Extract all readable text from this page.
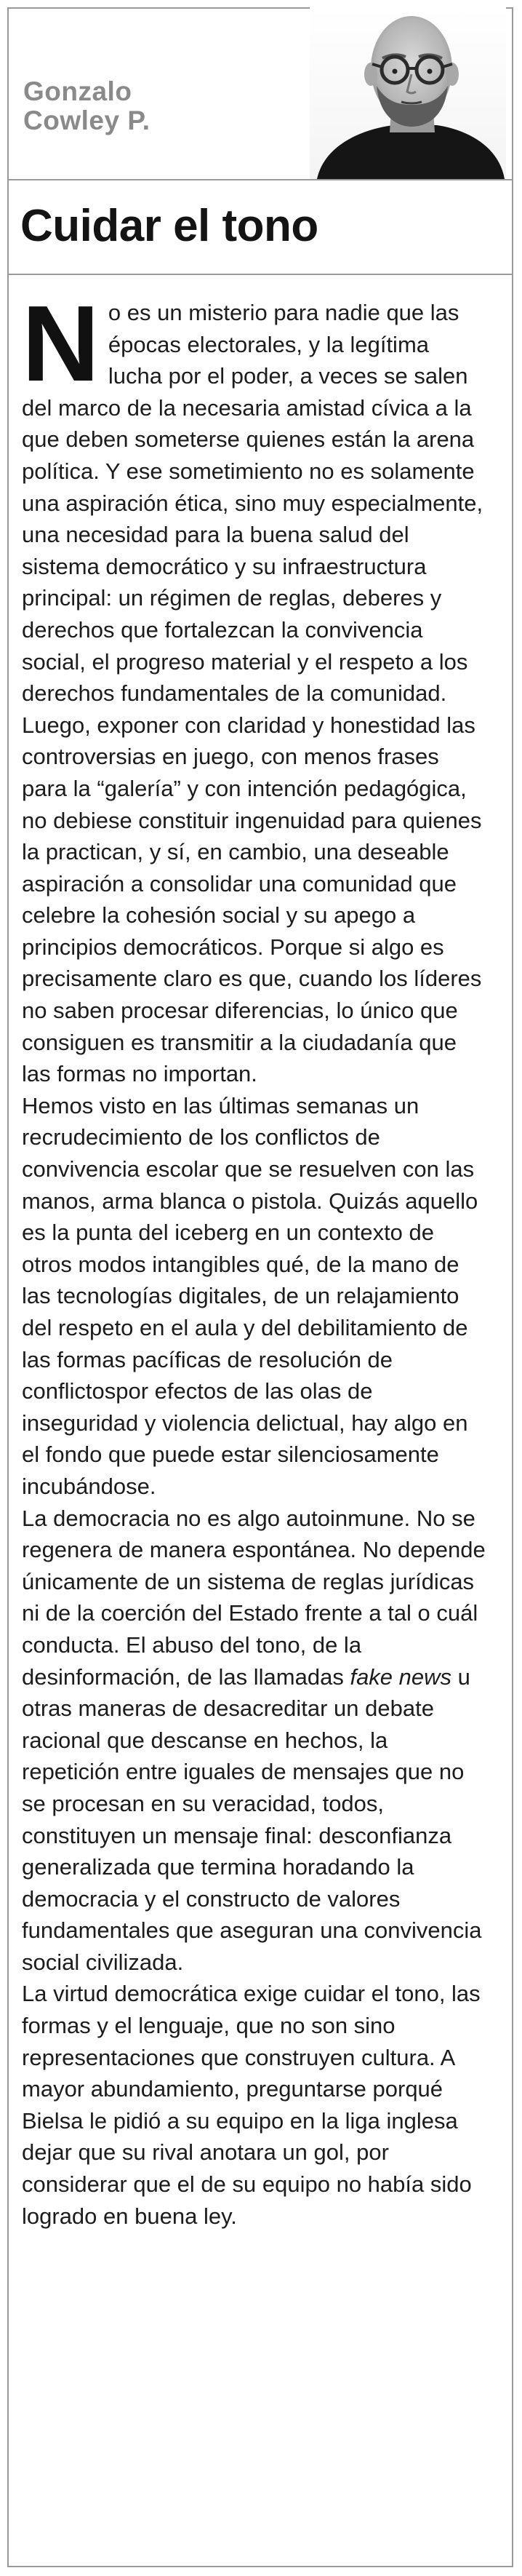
Gonzalo
Cowley P.
Cuidar el tono

No es un misterio para nadie que las épocas electorales, y la legítima lucha por el poder, a veces se salen del marco de la necesaria amistad cívica a la que deben someterse quienes están la arena política. Y ese sometimiento no es solamente una aspiración ética, sino muy especialmente, una necesidad para la buena salud del sistema democrático y su infraestructura principal: un régimen de reglas, deberes y derechos que fortalezcan la convivencia social, el progreso material y el respeto a los derechos fundamentales de la comunidad. Luego, exponer con claridad y honestidad las controversias en juego, con menos frases para la “galería” y con intención pedagógica, no debiese constituir ingenuidad para quienes la practican, y sí, en cambio, una deseable aspiración a consolidar una comunidad que celebre la cohesión social y su apego a principios democráticos. Porque si algo es precisamente claro es que, cuando los líderes no saben procesar diferencias, lo único que consiguen es transmitir a la ciudadanía que las formas no importan.

Hemos visto en las últimas semanas un recrudecimiento de los conflictos de convivencia escolar que se resuelven con las manos, arma blanca o pistola. Quizás aquello es la punta del iceberg en un contexto de otros modos intangibles qué, de la mano de las tecnologías digitales, de un relajamiento del respeto en el aula y del debilitamiento de las formas pacíficas de resolución de conflictospor efectos de las olas de inseguridad y violencia delictual, hay algo en el fondo que puede estar silenciosamente incubándose.

La democracia no es algo autoinmune. No se regenera de manera espontánea. No depende únicamente de un sistema de reglas jurídicas ni de la coerción del Estado frente a tal o cuál conducta. El abuso del tono, de la desinformación, de las llamadas fake news u otras maneras de desacreditar un debate racional que descanse en hechos, la repetición entre iguales de mensajes que no se procesan en su veracidad, todos, constituyen un mensaje final: desconfianza generalizada que termina horadando la democracia y el constructo de valores fundamentales que aseguran una convivencia social civilizada.

La virtud democrática exige cuidar el tono, las formas y el lenguaje, que no son sino representaciones que construyen cultura. A mayor abundamiento, preguntarse porqué Bielsa le pidió a su equipo en la liga inglesa dejar que su rival anotara un gol, por considerar que el de su equipo no había sido logrado en buena ley.
